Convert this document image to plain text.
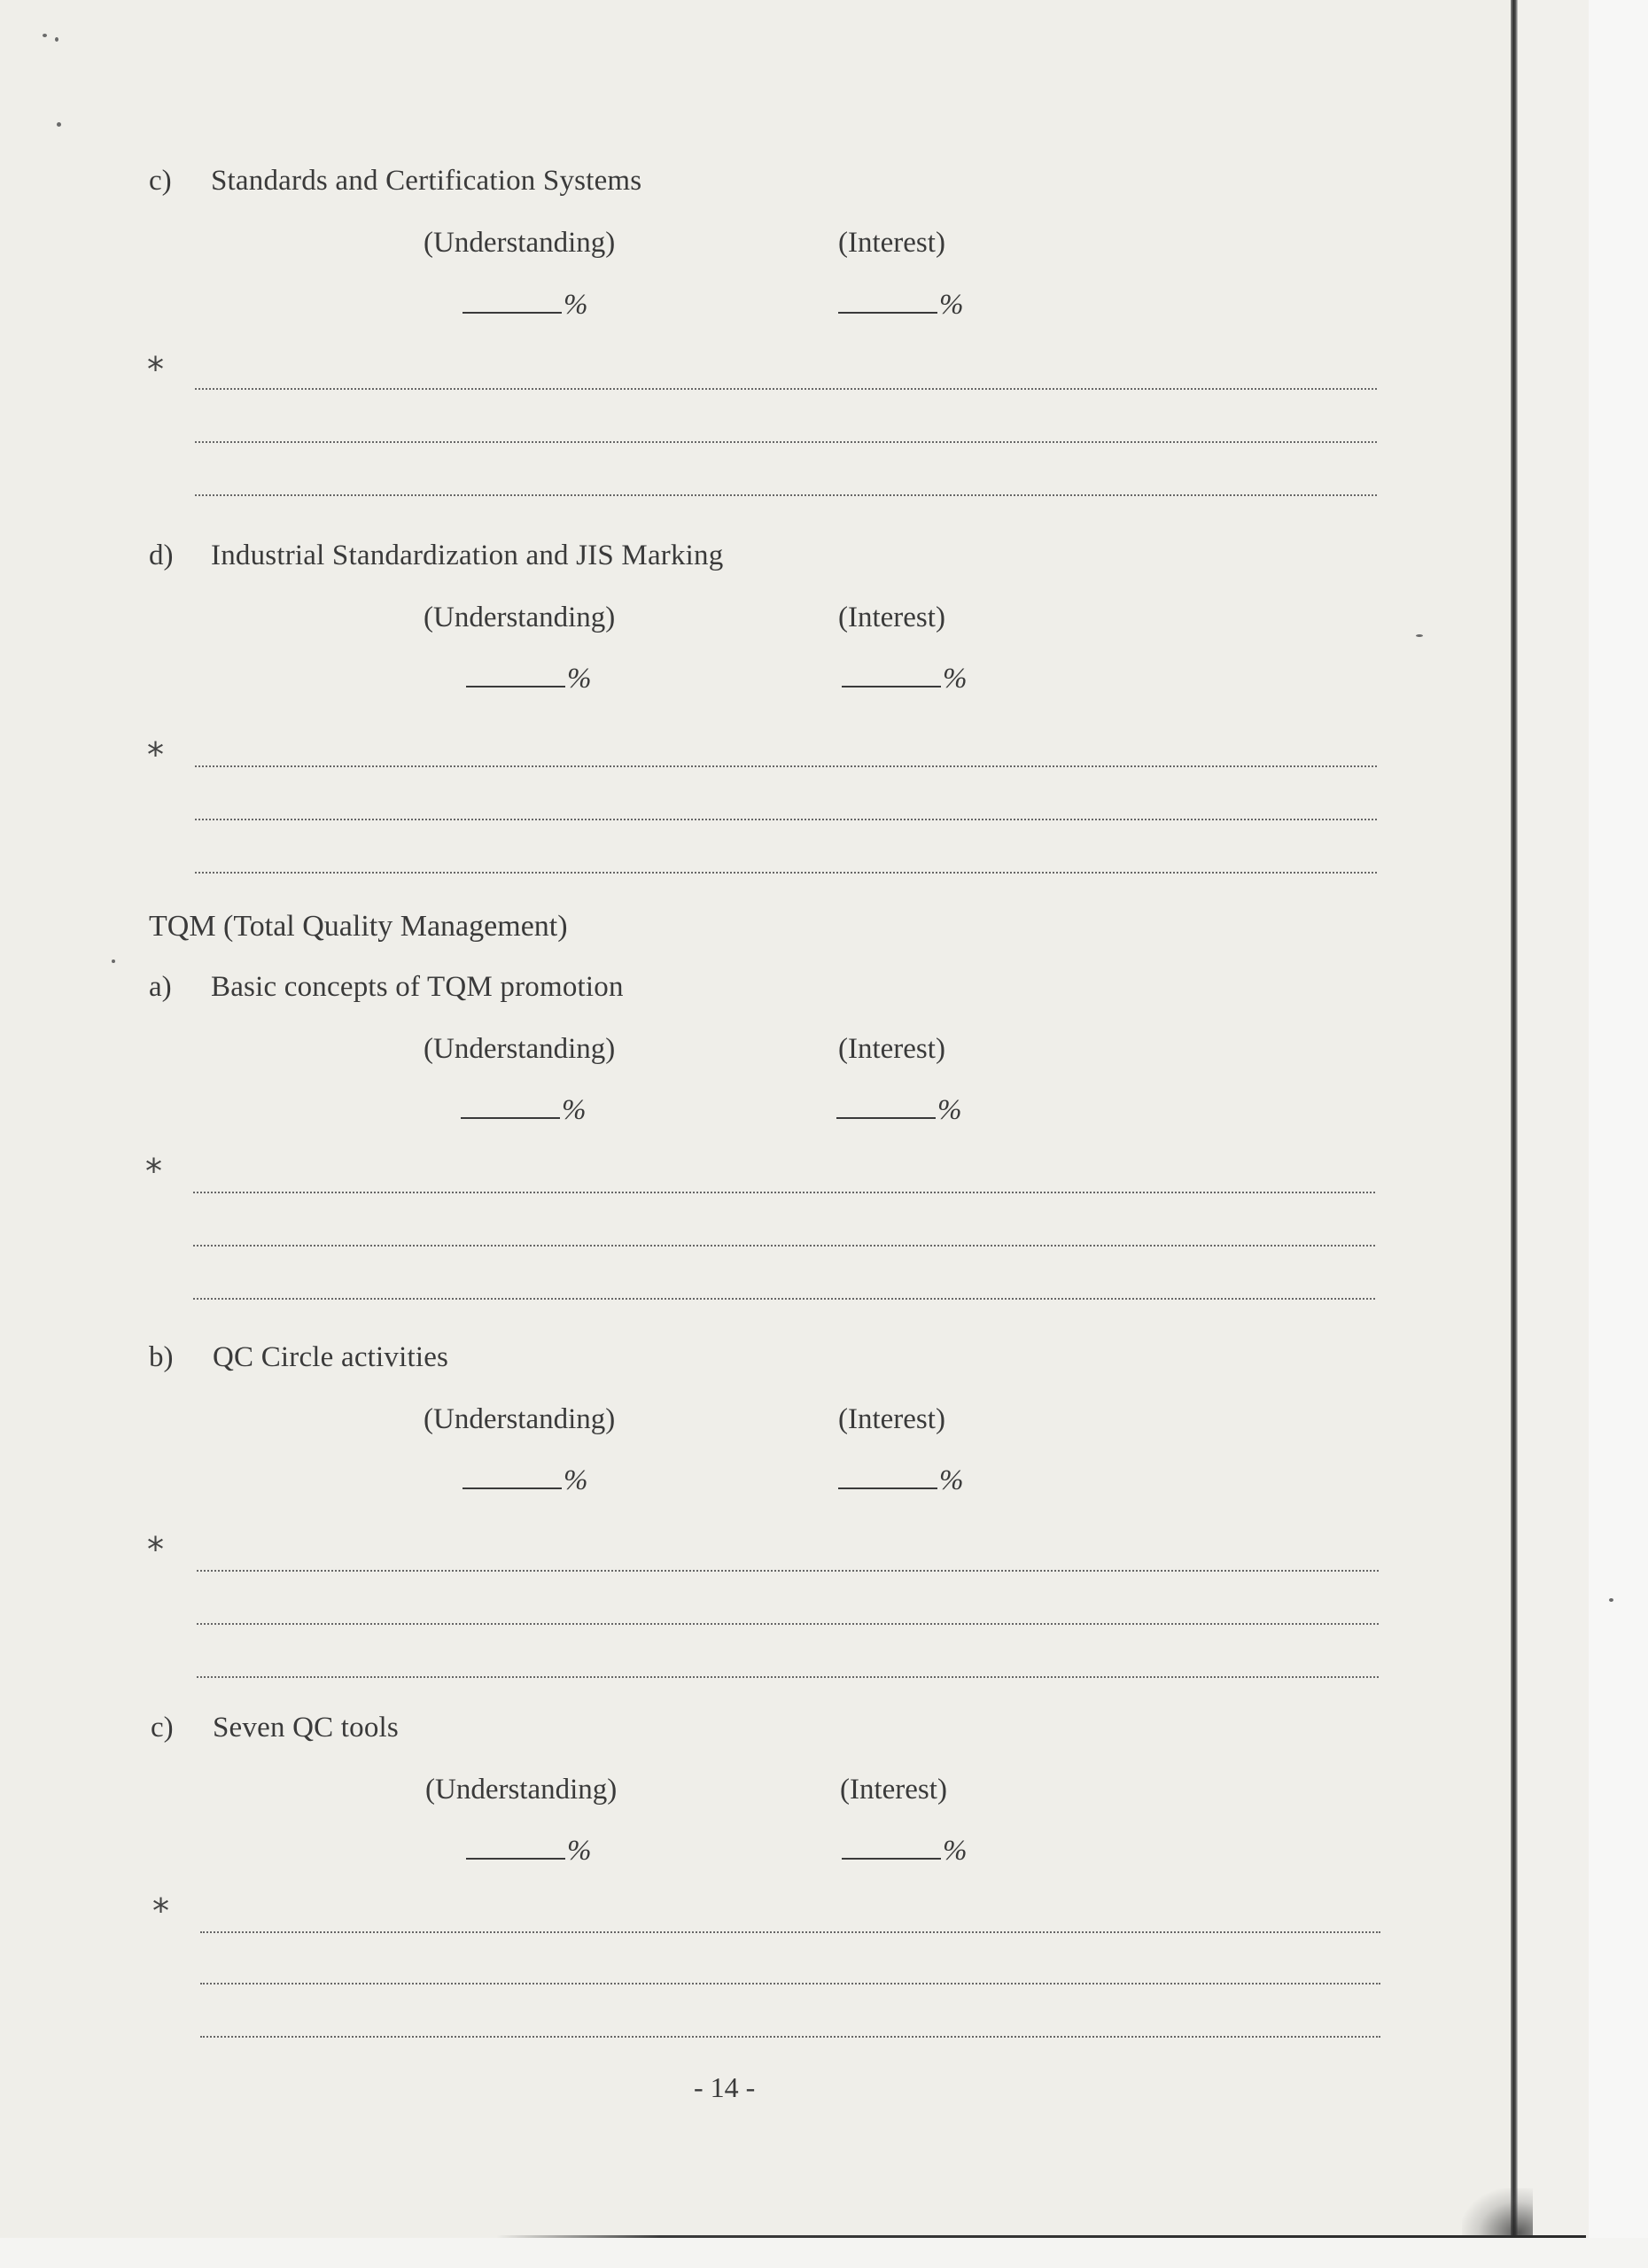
c) Standards and Certification Systems
(Understanding)	(Interest)
%	%
*
d) Industrial Standardization and JIS Marking
(Understanding)	(Interest)
%	%
*
TQM (Total Quality Management)
a) Basic concepts of TQM promotion
(Understanding)	(Interest)
%	%
*
b) QC Circle activities
(Understanding)	(Interest)
%	%
*
c) Seven QC tools
(Understanding)	(Interest)
%	%
*
- 14 -
